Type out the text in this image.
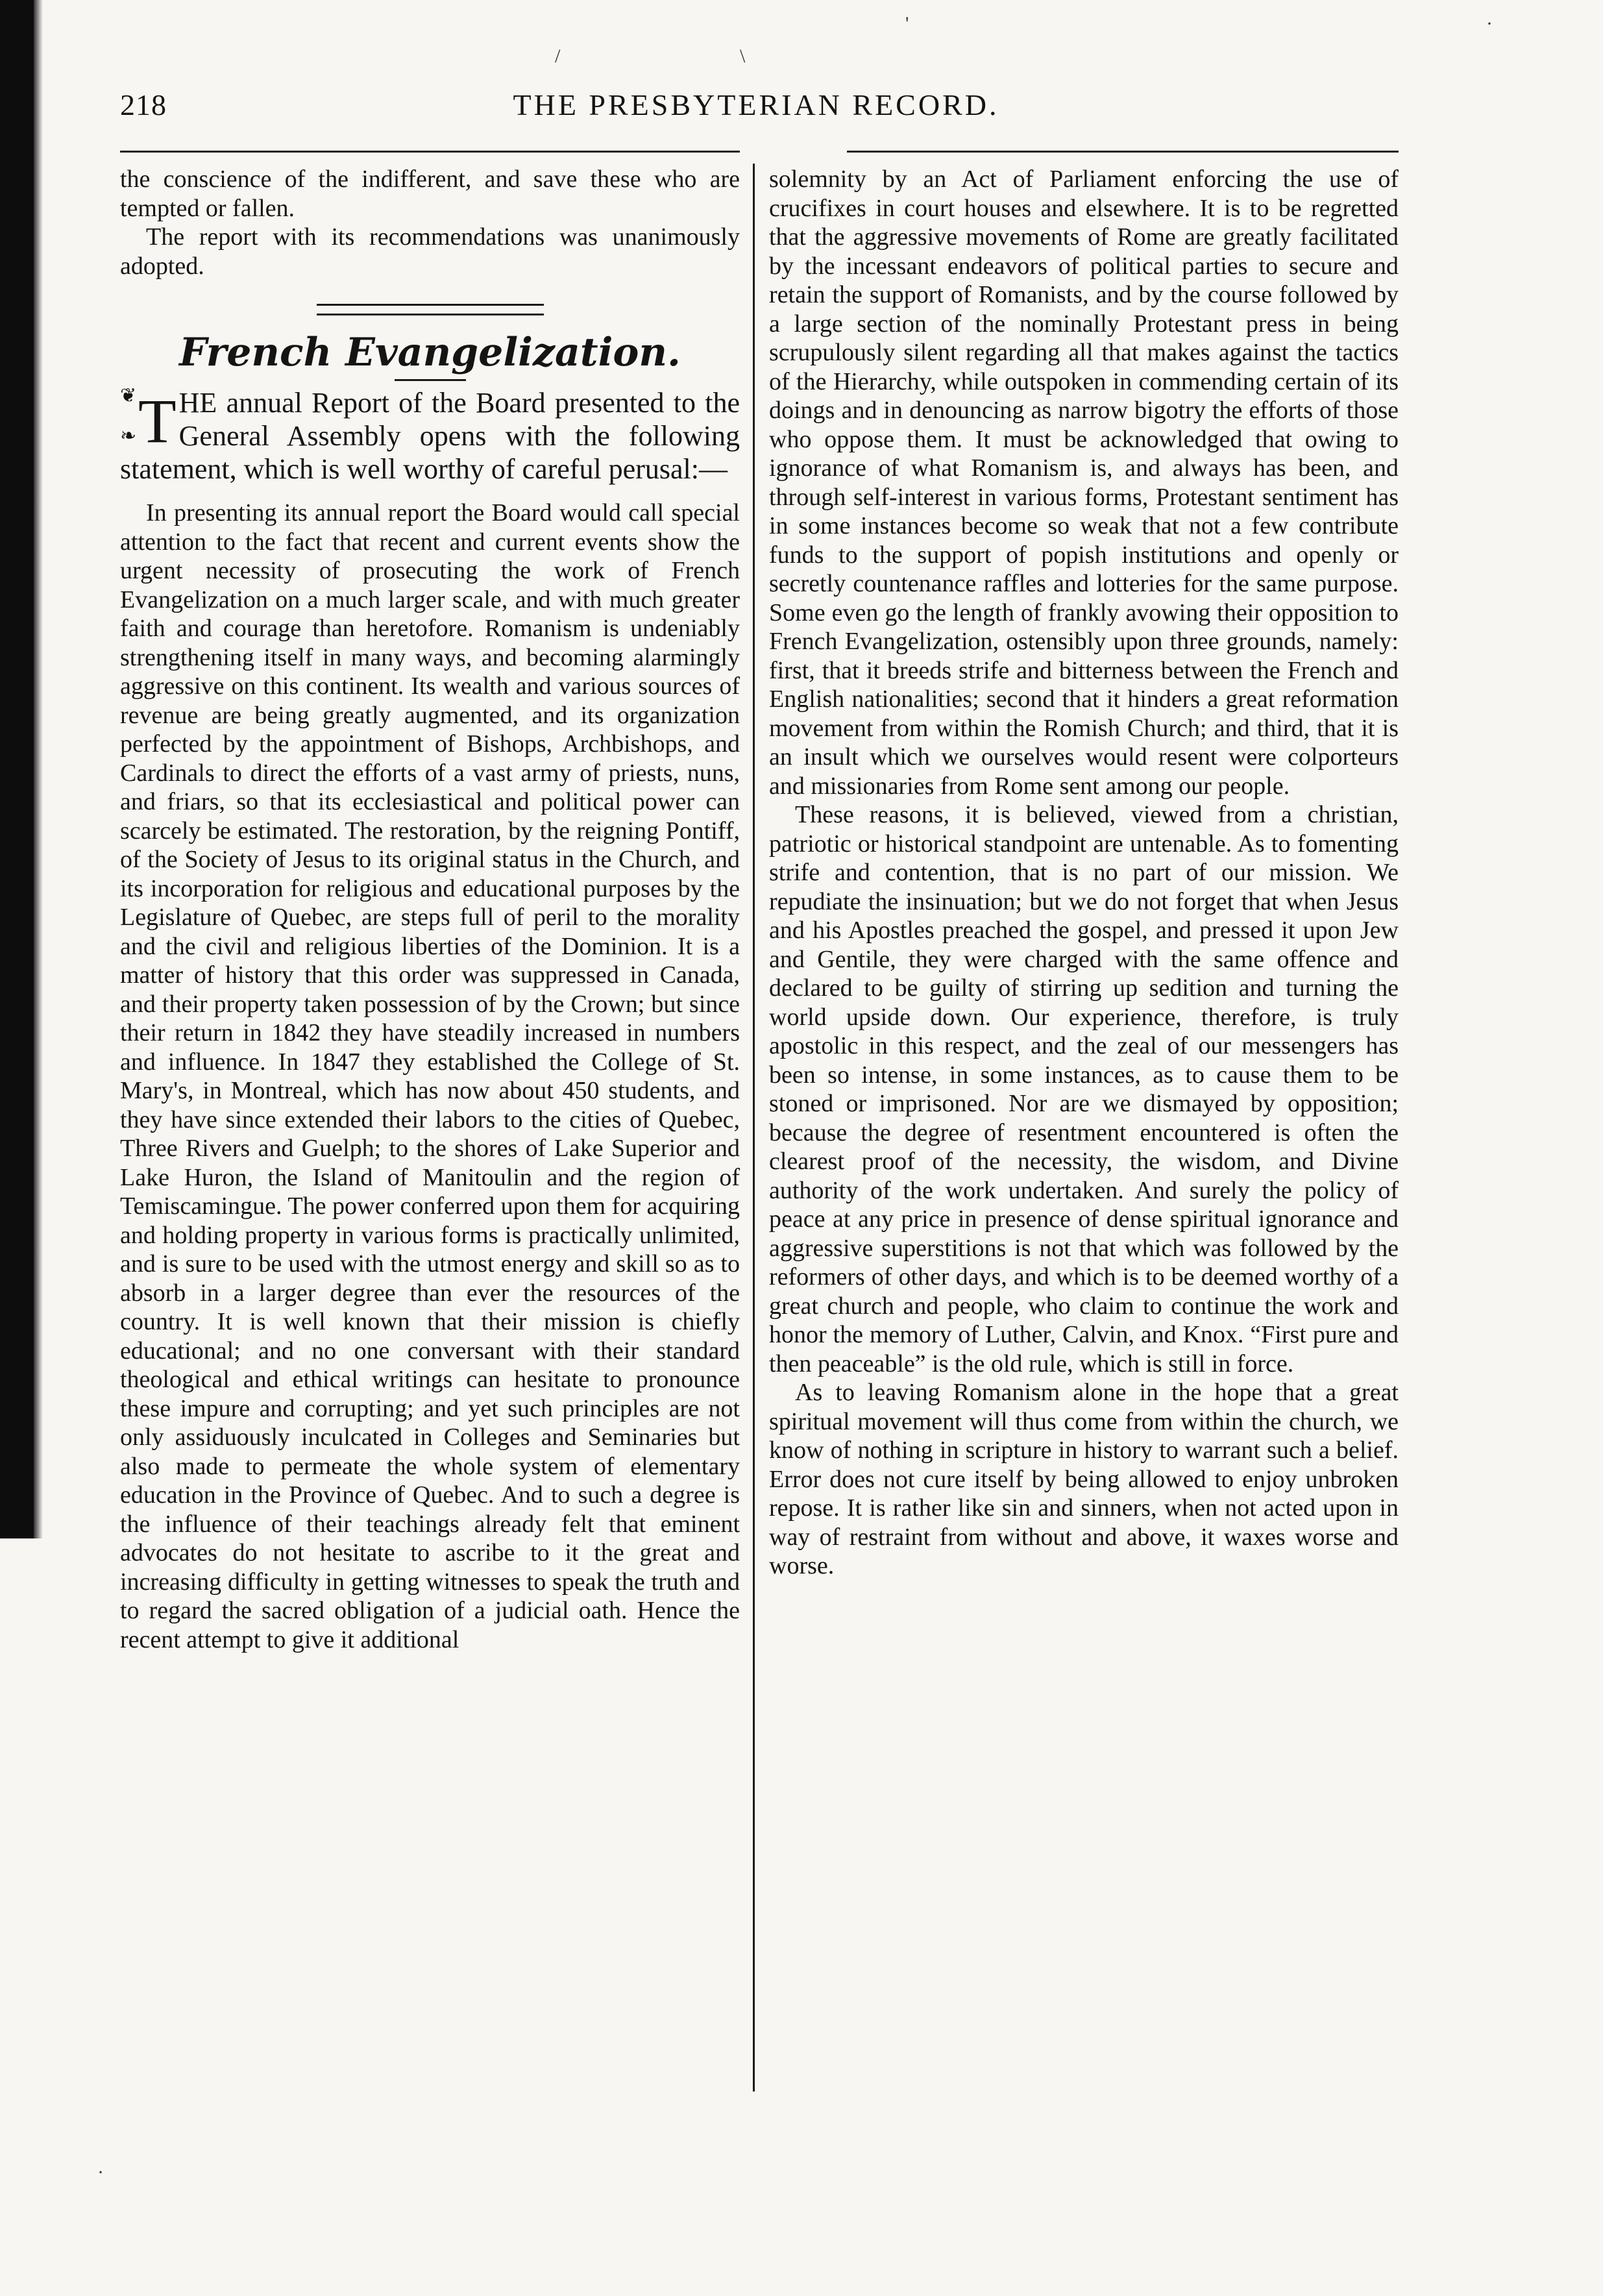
218	THE PRESBYTERIAN RECORD.

the conscience of the indifferent, and save these who are tempted or fallen.

The report with its recommendations was unanimously adopted.

French Evangelization.
❦
❧ T HE annual Report of the Board presented to the General Assembly opens with the following statement, which is well worthy of careful perusal:—

In presenting its annual report the Board would call special attention to the fact that recent and current events show the urgent necessity of prosecuting the work of French Evangelization on a much larger scale, and with much greater faith and courage than heretofore. Romanism is undeniably strengthening itself in many ways, and becoming alarmingly aggressive on this continent. Its wealth and various sources of revenue are being greatly augmented, and its organization perfected by the appointment of Bishops, Archbishops, and Cardinals to direct the efforts of a vast army of priests, nuns, and friars, so that its ecclesiastical and political power can scarcely be estimated. The restoration, by the reigning Pontiff, of the Society of Jesus to its original status in the Church, and its incorporation for religious and educational purposes by the Legislature of Quebec, are steps full of peril to the morality and the civil and religious liberties of the Dominion. It is a matter of history that this order was suppressed in Canada, and their property taken possession of by the Crown; but since their return in 1842 they have steadily increased in numbers and influence. In 1847 they established the College of St. Mary's, in Montreal, which has now about 450 students, and they have since extended their labors to the cities of Quebec, Three Rivers and Guelph; to the shores of Lake Superior and Lake Huron, the Island of Manitoulin and the region of Temiscamingue. The power conferred upon them for acquiring and holding property in various forms is practically unlimited, and is sure to be used with the utmost energy and skill so as to absorb in a larger degree than ever the resources of the country. It is well known that their mission is chiefly educational; and no one conversant with their standard theological and ethical writings can hesitate to pronounce these impure and corrupting; and yet such principles are not only assiduously inculcated in Colleges and Seminaries but also made to permeate the whole system of elementary education in the Province of Quebec. And to such a degree is the influence of their teachings already felt that eminent advocates do not hesitate to ascribe to it the great and increasing difficulty in getting witnesses to speak the truth and to regard the sacred obligation of a judicial oath. Hence the recent attempt to give it additional

solemnity by an Act of Parliament enforcing the use of crucifixes in court houses and elsewhere. It is to be regretted that the aggressive movements of Rome are greatly facilitated by the incessant endeavors of political parties to secure and retain the support of Romanists, and by the course followed by a large section of the nominally Protestant press in being scrupulously silent regarding all that makes against the tactics of the Hierarchy, while outspoken in commending certain of its doings and in denouncing as narrow bigotry the efforts of those who oppose them. It must be acknowledged that owing to ignorance of what Romanism is, and always has been, and through self-interest in various forms, Protestant sentiment has in some instances become so weak that not a few contribute funds to the support of popish institutions and openly or secretly countenance raffles and lotteries for the same purpose. Some even go the length of frankly avowing their opposition to French Evangelization, ostensibly upon three grounds, namely: first, that it breeds strife and bitterness between the French and English nationalities; second that it hinders a great reformation movement from within the Romish Church; and third, that it is an insult which we ourselves would resent were colporteurs and missionaries from Rome sent among our people.

These reasons, it is believed, viewed from a christian, patriotic or historical standpoint are untenable. As to fomenting strife and contention, that is no part of our mission. We repudiate the insinuation; but we do not forget that when Jesus and his Apostles preached the gospel, and pressed it upon Jew and Gentile, they were charged with the same offence and declared to be guilty of stirring up sedition and turning the world upside down. Our experience, therefore, is truly apostolic in this respect, and the zeal of our messengers has been so intense, in some instances, as to cause them to be stoned or imprisoned. Nor are we dismayed by opposition; because the degree of resentment encountered is often the clearest proof of the necessity, the wisdom, and Divine authority of the work undertaken. And surely the policy of peace at any price in presence of dense spiritual ignorance and aggressive superstitions is not that which was followed by the reformers of other days, and which is to be deemed worthy of a great church and people, who claim to continue the work and honor the memory of Luther, Calvin, and Knox. “First pure and then peaceable” is the old rule, which is still in force.

As to leaving Romanism alone in the hope that a great spiritual movement will thus come from within the church, we know of nothing in scripture in history to warrant such a belief. Error does not cure itself by being allowed to enjoy unbroken repose. It is rather like sin and sinners, when not acted upon in way of restraint from without and above, it waxes worse and worse.

/	\
'	·
·
